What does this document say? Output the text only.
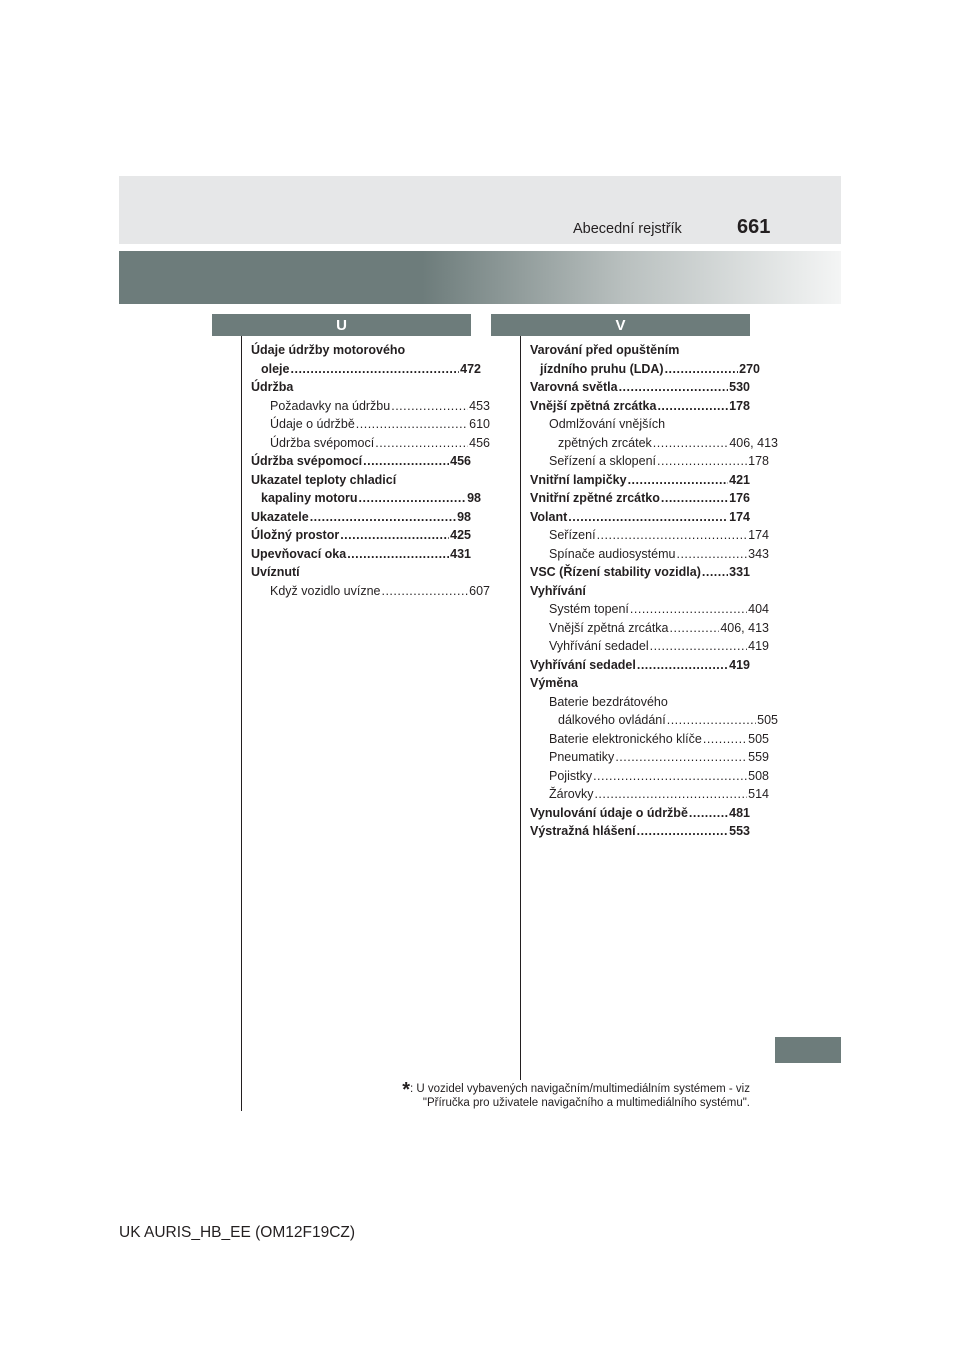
Abecední rejstřík	661
U	V
Údaje údržby motorového
oleje .....	472
Údržba
Požadavky na údržbu .....	453
Údaje o údržbě .....	610
Údržba svépomocí .....	456
Údržba svépomocí .....	456
Ukazatel teploty chladicí
kapaliny motoru .....	98
Ukazatele .....	98
Úložný prostor .....	425
Upevňovací oka .....	431
Uvíznutí
Když vozidlo uvízne .....	607
Varování před opuštěním
jízdního pruhu (LDA) .....	270
Varovná světla .....	530
Vnější zpětná zrcátka .....	178
Odmlžování vnějších
zpětných zrcátek .....	406, 413
Seřízení a sklopení .....	178
Vnitřní lampičky .....	421
Vnitřní zpětné zrcátko .....	176
Volant .....	174
Seřízení .....	174
Spínače audiosystému .....	343
VSC (Řízení stability vozidla) ..... 331
Vyhřívání
Systém topení .....	404
Vnější zpětná zrcátka .....	406, 413
Vyhřívání sedadel .....	419
Vyhřívání sedadel .....	419
Výměna
Baterie bezdrátového
dálkového ovládání .....	505
Baterie elektronického klíče .....	505
Pneumatiky .....	559
Pojistky .....	508
Žárovky .....	514
Vynulování údaje o údržbě .....	481
Výstražná hlášení .....	553
*: U vozidel vybavených navigačním/multimediálním systémem - viz
"Příručka pro uživatele navigačního a multimediálního systému".
UK AURIS_HB_EE (OM12F19CZ)
